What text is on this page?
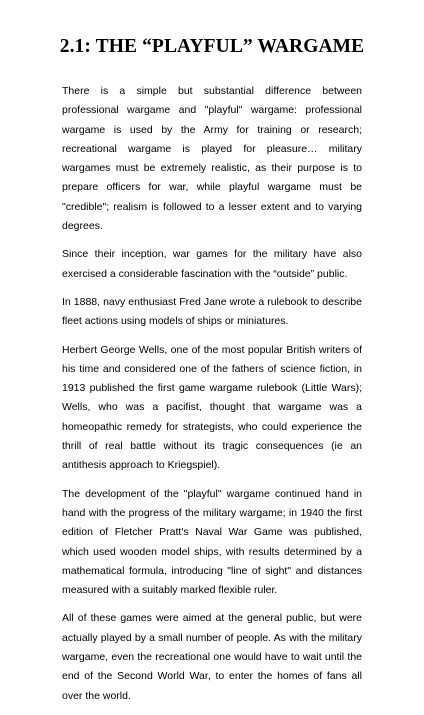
2.1: THE “PLAYFUL” WARGAME

There is a simple but substantial difference between professional wargame and "playful" wargame: professional wargame is used by the Army for training or research; recreational wargame is played for pleasure… military wargames must be extremely realistic, as their purpose is to prepare officers for war, while playful wargame must be "credible"; realism is followed to a lesser extent and to varying degrees.

Since their inception, war games for the military have also exercised a considerable fascination with the “outside” public.

In 1888, navy enthusiast Fred Jane wrote a rulebook to describe fleet actions using models of ships or miniatures.

Herbert George Wells, one of the most popular British writers of his time and considered one of the fathers of science fiction, in 1913 published the first game wargame rulebook (Little Wars); Wells, who was a pacifist, thought that wargame was a homeopathic remedy for strategists, who could experience the thrill of real battle without its tragic consequences (ie an antithesis approach to Kriegspiel).

The development of the "playful" wargame continued hand in hand with the progress of the military wargame; in 1940 the first edition of Fletcher Pratt's Naval War Game was published, which used wooden model ships, with results determined by a mathematical formula, introducing "line of sight" and distances measured with a suitably marked flexible ruler.

All of these games were aimed at the general public, but were actually played by a small number of people. As with the military wargame, even the recreational one would have to wait until the end of the Second World War, to enter the homes of fans all over the world.
